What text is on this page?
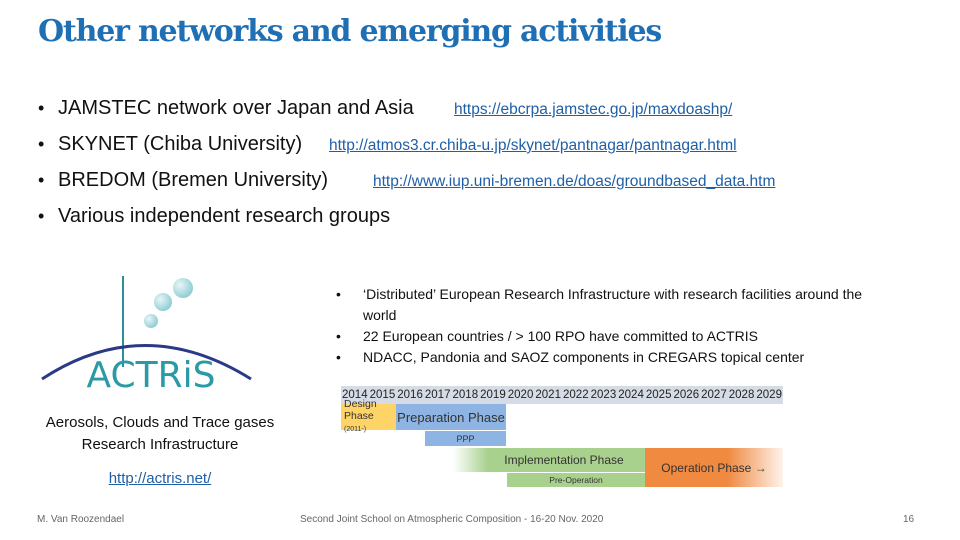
Other networks and emerging activities
• JAMSTEC network over Japan and Asia	https://ebcrpa.jamstec.go.jp/maxdoashp/
• SKYNET (Chiba University) http://atmos3.cr.chiba-u.jp/skynet/pantnagar/pantnagar.html
• BREDOM (Bremen University)	http://www.iup.uni-bremen.de/doas/groundbased_data.htm
• Various independent research groups
ACTRiS
Aerosols, Clouds and Trace gases
Research Infrastructure
http://actris.net/
• ‘Distributed’ European Research Infrastructure with research facilities around the world
• 22 European countries / > 100 RPO have committed to ACTRIS
• NDACC, Pandonia and SAOZ components in CREGARS topical center
2014 2015 2016 2017 2018 2019 2020 2021 2022 2023 2024 2025 2026 2027 2028 2029
Design Phase (2011-)
Preparation Phase
PPP
Implementation Phase
Pre-Operation
Operation Phase →
M. Van Roozendael	Second Joint School on Atmospheric Composition - 16-20 Nov. 2020	16
